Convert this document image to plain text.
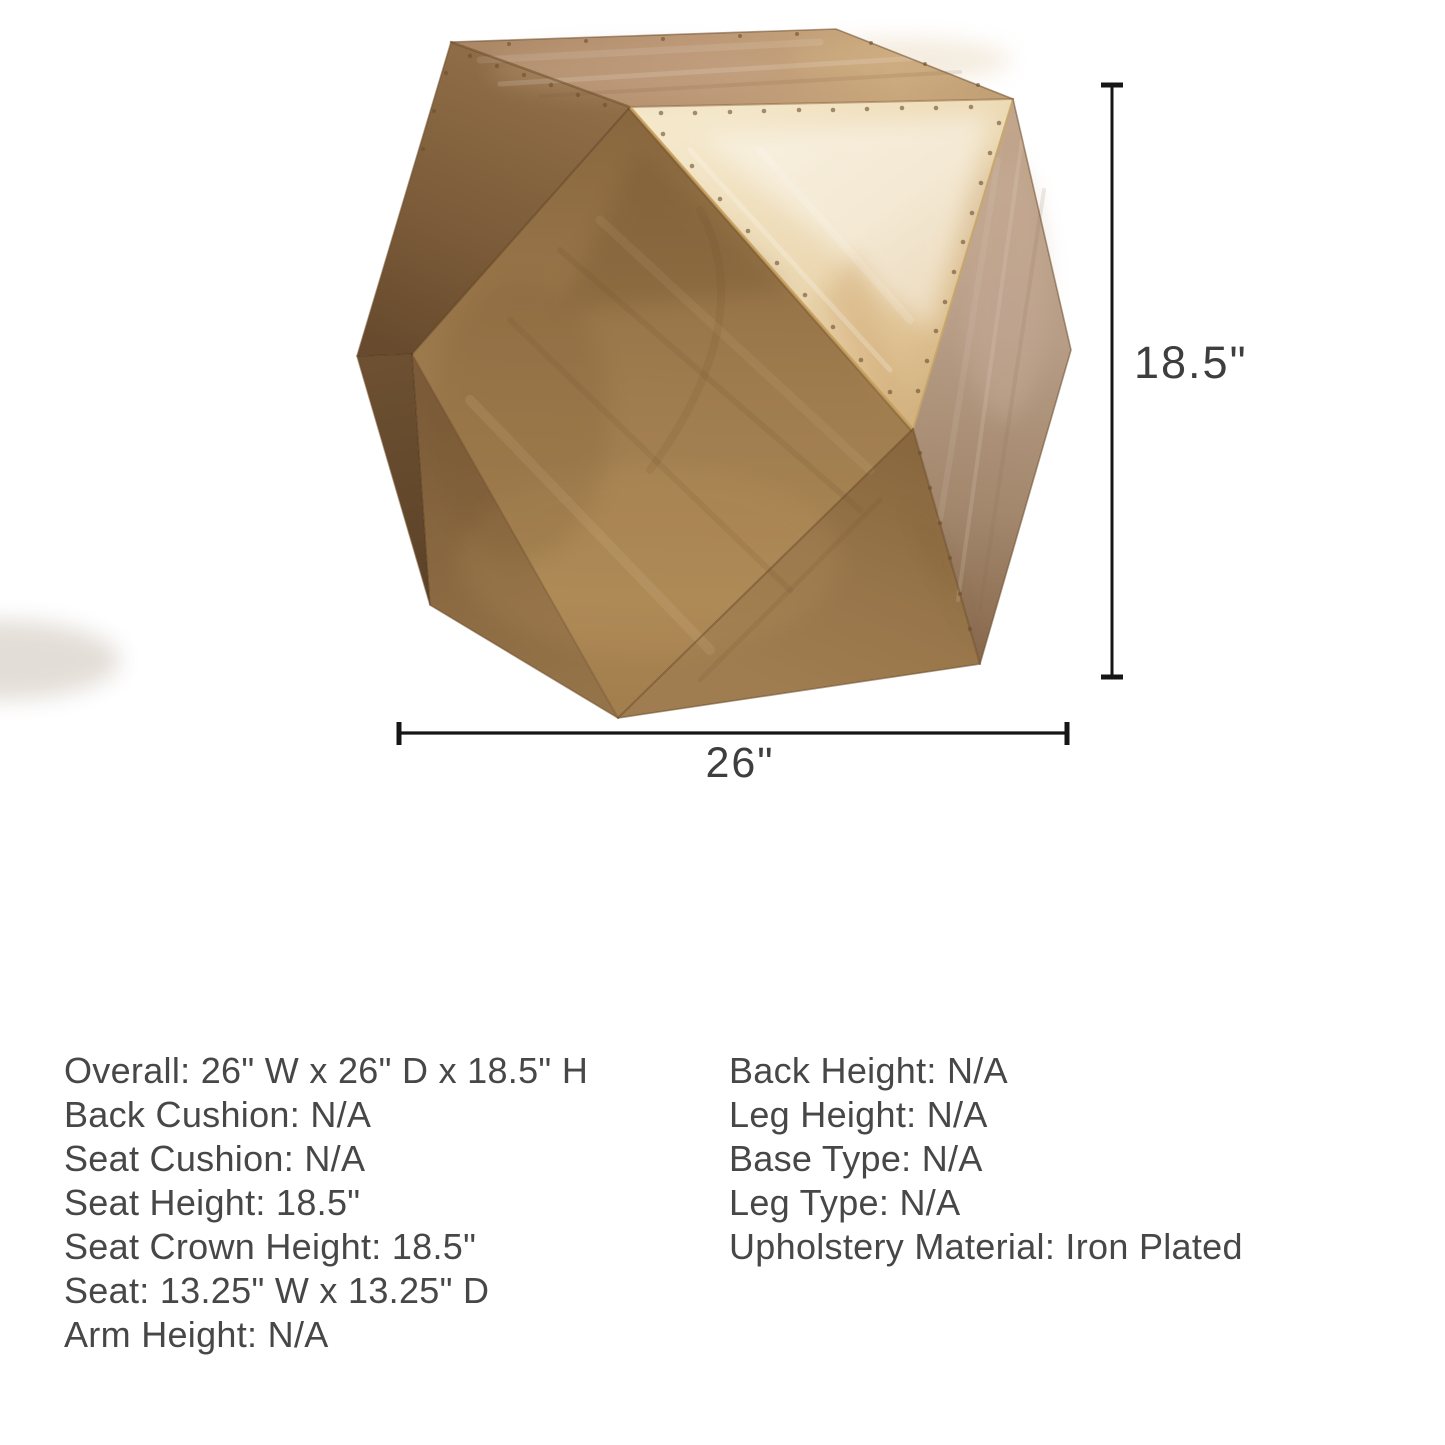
18.5"
26"
Overall: 26" W x 26" D x 18.5" H
Back Cushion: N/A
Seat Cushion: N/A
Seat Height: 18.5"
Seat Crown Height: 18.5"
Seat: 13.25" W x 13.25" D
Arm Height: N/A
Back Height: N/A
Leg Height: N/A
Base Type: N/A
Leg Type: N/A
Upholstery Material: Iron Plated
